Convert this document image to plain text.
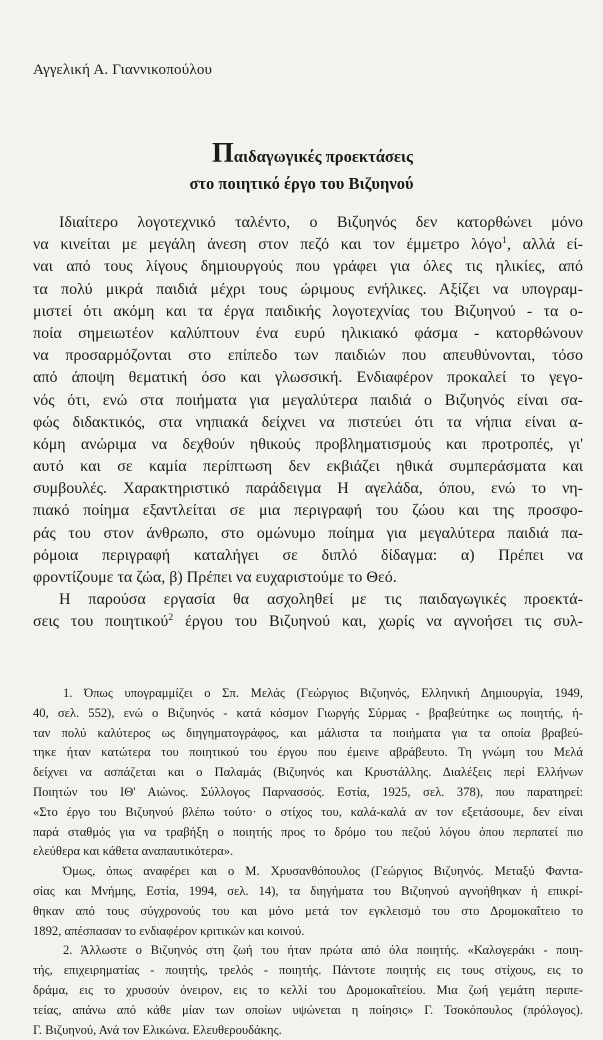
Αγγελική Α. Γιαννικοπούλου
Παιδαγωγικές προεκτάσεις
στο ποιητικό έργο του Βιζυηνού
Ιδιαίτερο λογοτεχνικό ταλέντο, ο Βιζυηνός δεν κατορθώνει μόνο
να κινείται με μεγάλη άνεση στον πεζό και τον έμμετρο λόγο$^1$, αλλά εί-
ναι από τους λίγους δημιουργούς που γράφει για όλες τις ηλικίες, από
τα πολύ μικρά παιδιά μέχρι τους ώριμους ενήλικες. Αξίζει να υπογραμ-
μιστεί ότι ακόμη και τα έργα παιδικής λογοτεχνίας του Βιζυηνού - τα ο-
ποία σημειωτέον καλύπτουν ένα ευρύ ηλικιακό φάσμα - κατορθώνουν
να προσαρμόζονται στο επίπεδο των παιδιών που απευθύνονται, τόσο
από άποψη θεματική όσο και γλωσσική. Ενδιαφέρον προκαλεί το γεγο-
νός ότι, ενώ στα ποιήματα για μεγαλύτερα παιδιά ο Βιζυηνός είναι σα-
φώς διδακτικός, στα νηπιακά δείχνει να πιστεύει ότι τα νήπια είναι α-
κόμη ανώριμα να δεχθούν ηθικούς προβληματισμούς και προτροπές, γι'
αυτό και σε καμία περίπτωση δεν εκβιάζει ηθικά συμπεράσματα και
συμβουλές. Χαρακτηριστικό παράδειγμα Η αγελάδα, όπου, ενώ το νη-
πιακό ποίημα εξαντλείται σε μια περιγραφή του ζώου και της προσφο-
ράς του στον άνθρωπο, στο ομώνυμο ποίημα για μεγαλύτερα παιδιά πα-
ρόμοια περιγραφή καταλήγει σε διπλό δίδαγμα: α) Πρέπει να
φροντίζουμε τα ζώα, β) Πρέπει να ευχαριστούμε το Θεό.
Η παρούσα εργασία θα ασχοληθεί με τις παιδαγωγικές προεκτά-
σεις του ποιητικού$^2$ έργου του Βιζυηνού και, χωρίς να αγνοήσει τις συλ-
1. Όπως υπογραμμίζει ο Σπ. Μελάς (Γεώργιος Βιζυηνός, Ελληνική Δημιουργία, 1949,
40, σελ. 552), ενώ ο Βιζυηνός - κατά κόσμον Γιωργής Σύρμας - βραβεύτηκε ως ποιητής, ή-
ταν πολύ καλύτερος ως διηγηματογράφος, και μάλιστα τα ποιήματα για τα οποία βραβεύ-
τηκε ήταν κατώτερα του ποιητικού του έργου που έμεινε αβράβευτο. Τη γνώμη του Μελά
δείχνει να ασπάζεται και ο Παλαμάς (Βιζυηνός και Κρυστάλλης. Διαλέξεις περί Ελλήνων
Ποιητών του ΙΘ' Αιώνος. Σύλλογος Παρνασσός. Εστία, 1925, σελ. 378), που παρατηρεί:
«Στο έργο του Βιζυηνού βλέπω τούτο· ο στίχος του, καλά-καλά αν τον εξετάσουμε, δεν είναι
παρά σταθμός για να τραβήξη ο ποιητής προς το δρόμο του πεζού λόγου όπου περπατεί πιο
ελεύθερα και κάθετα αναπαυτικότερα».
Όμως, όπως αναφέρει και ο Μ. Χρυσανθόπουλος (Γεώργιος Βιζυηνός. Μεταξύ Φαντα-
σίας και Μνήμης, Εστία, 1994, σελ. 14), τα διηγήματα του Βιζυηνού αγνοήθηκαν ή επικρί-
θηκαν από τους σύγχρονούς του και μόνο μετά τον εγκλεισμό του στο Δρομοκαΐτειο το
1892, απέσπασαν το ενδιαφέρον κριτικών και κοινού.
2. Άλλωστε ο Βιζυηνός στη ζωή του ήταν πρώτα από όλα ποιητής. «Καλογεράκι - ποιη-
τής, επιχειρηματίας - ποιητής, τρελός - ποιητής. Πάντοτε ποιητής εις τους στίχους, εις το
δράμα, εις το χρυσούν όνειρον, εις το κελλί του Δρομοκαΐτείου. Μια ζωή γεμάτη περιπε-
τείας, απάνω από κάθε μίαν των οποίων υψώνεται η ποίησις» Γ. Τσοκόπουλος (πρόλογος).
Γ. Βιζυηνού, Ανά τον Ελικώνα. Ελευθερουδάκης.
